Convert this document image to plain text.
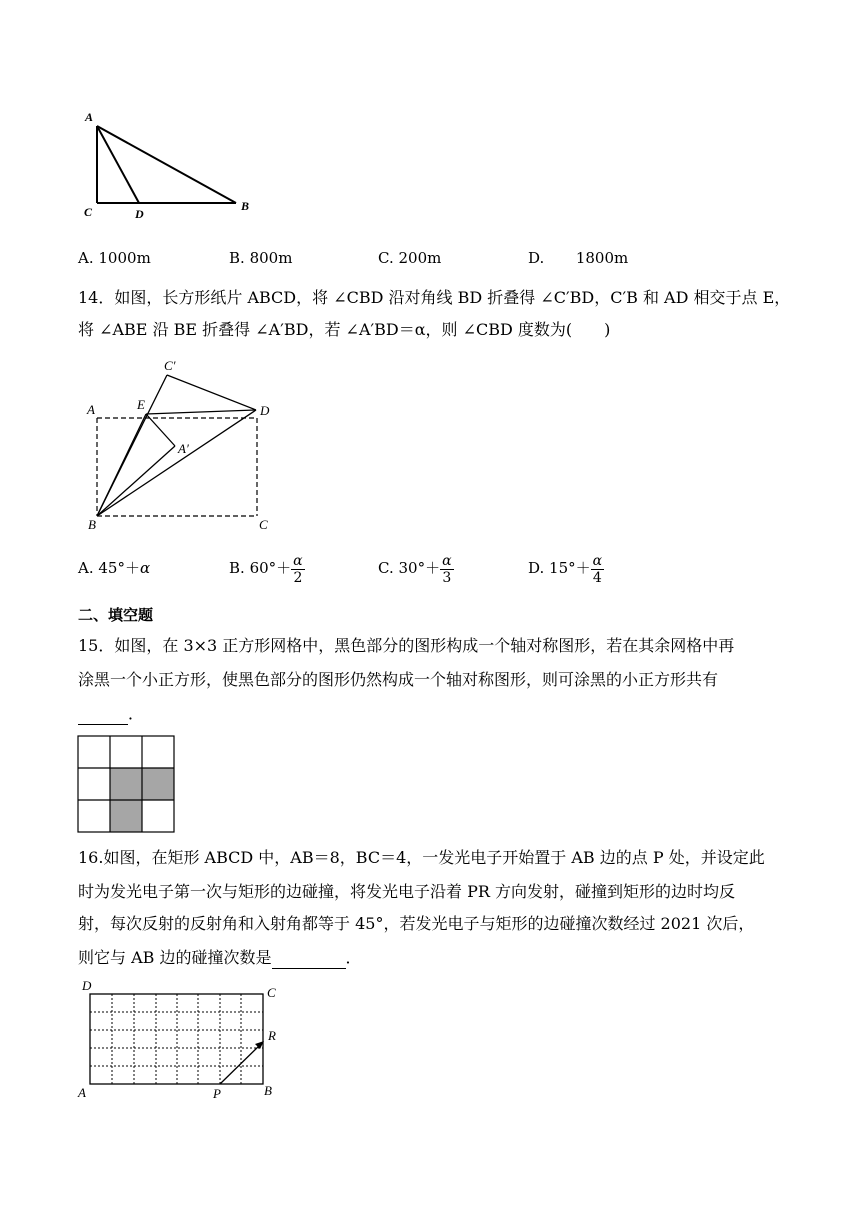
A
C	D
B
A. 1000m	B. 800m	C. 200m	D. 1800m
14．如图，长方形纸片 ABCD，将 ∠CBD 沿对角线 BD 折叠得 ∠C′BD，C′B 和 AD 相交于点 E，
将 ∠ABE 沿 BE 折叠得 ∠A′BD，若 ∠A′BD＝α，则 ∠CBD 度数为(　　)
C′
A	E	D
A′
B	C
A. 45°＋α	B. $60^\circ+ \frac{\alpha}{2}$	C. $30^\circ+ \frac{\alpha}{3}$	D. $15^\circ+ \frac{\alpha}{4}$
二、填空题
15．如图，在 3×3 正方形网格中，黑色部分的图形构成一个轴对称图形，若在其余网格中再
涂黑一个小正方形，使黑色部分的图形仍然构成一个轴对称图形，则可涂黑的小正方形共有
．
16.如图，在矩形 ABCD 中，AB＝8，BC＝4，一发光电子开始置于 AB 边的点 P 处，并设定此
时为发光电子第一次与矩形的边碰撞，将发光电子沿着 PR 方向发射，碰撞到矩形的边时均反
射，每次反射的反射角和入射角都等于 45°，若发光电子与矩形的边碰撞次数经过 2021 次后，
则它与 AB 边的碰撞次数是	．
D	C
R
A	P	B
